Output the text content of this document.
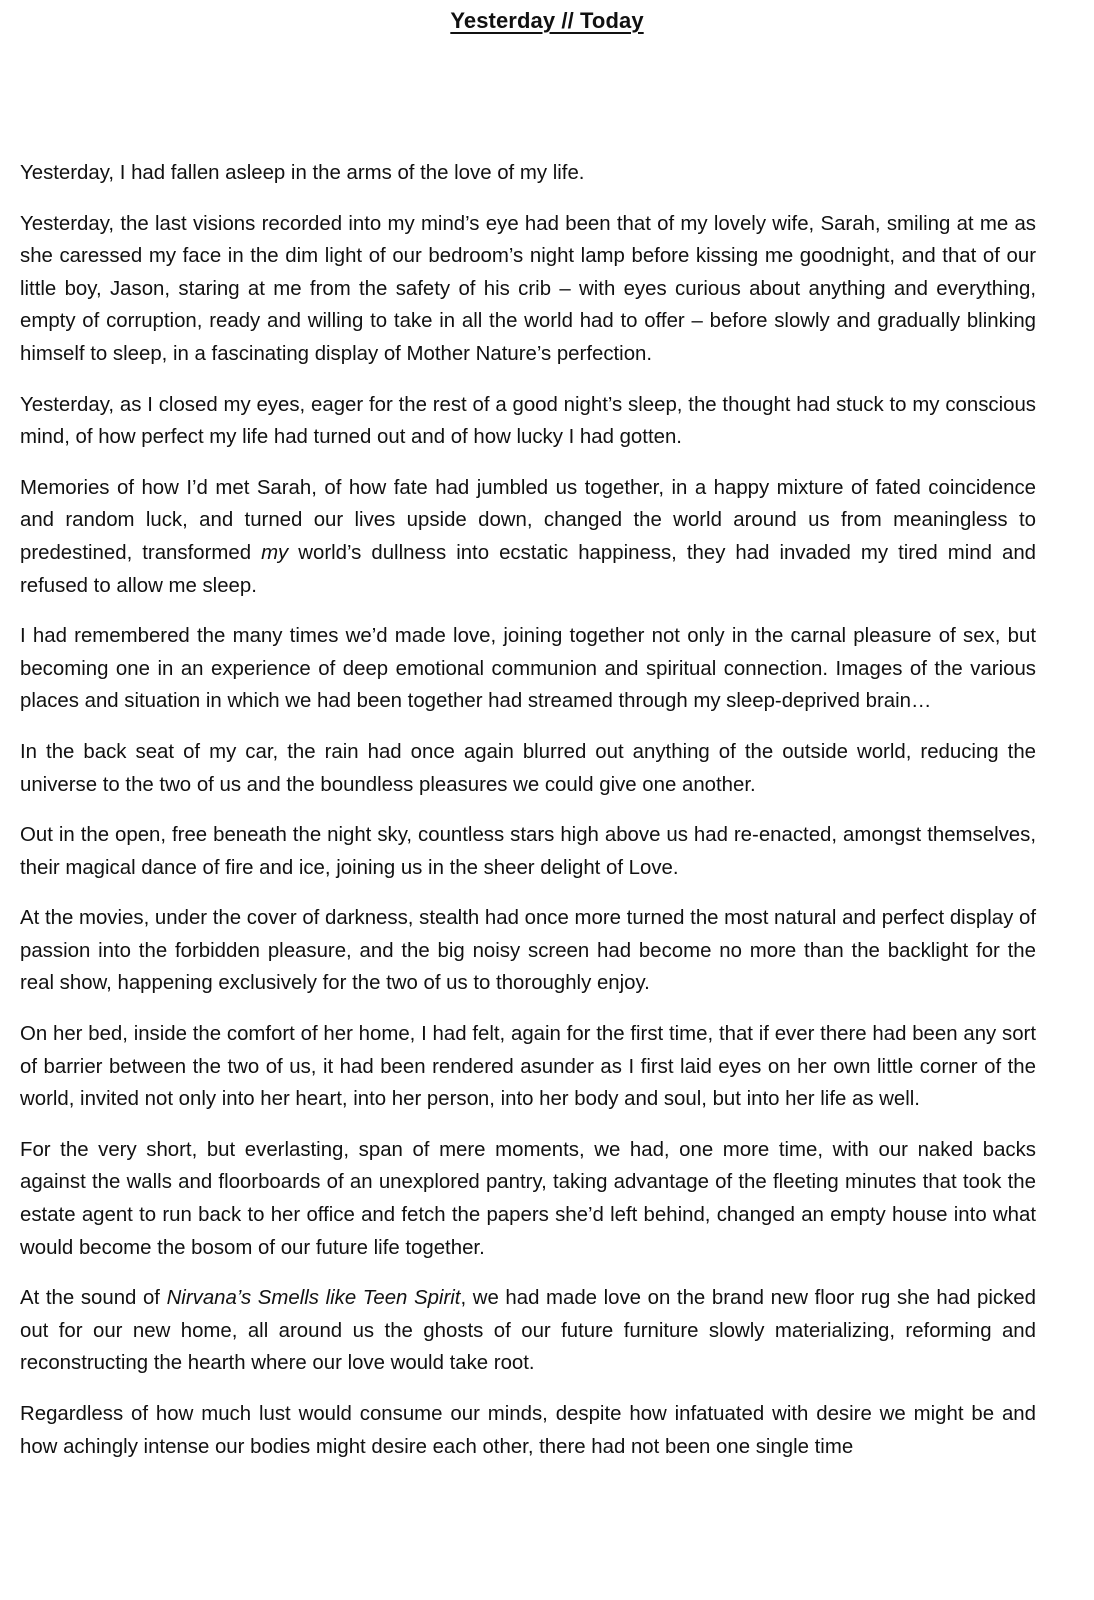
Yesterday // Today

Yesterday, I had fallen asleep in the arms of the love of my life.

Yesterday, the last visions recorded into my mind’s eye had been that of my lovely wife, Sarah, smiling at me as she caressed my face in the dim light of our bedroom’s night lamp before kissing me goodnight, and that of our little boy, Jason, staring at me from the safety of his crib – with eyes curious about anything and everything, empty of corruption, ready and willing to take in all the world had to offer – before slowly and gradually blinking himself to sleep, in a fascinating display of Mother Nature’s perfection.

Yesterday, as I closed my eyes, eager for the rest of a good night’s sleep, the thought had stuck to my conscious mind, of how perfect my life had turned out and of how lucky I had gotten.

Memories of how I’d met Sarah, of how fate had jumbled us together, in a happy mixture of fated coincidence and random luck, and turned our lives upside down, changed the world around us from meaningless to predestined, transformed my world’s dullness into ecstatic happiness, they had invaded my tired mind and refused to allow me sleep.

I had remembered the many times we’d made love, joining together not only in the carnal pleasure of sex, but becoming one in an experience of deep emotional communion and spiritual connection. Images of the various places and situation in which we had been together had streamed through my sleep-deprived brain…

In the back seat of my car, the rain had once again blurred out anything of the outside world, reducing the universe to the two of us and the boundless pleasures we could give one another.

Out in the open, free beneath the night sky, countless stars high above us had re-enacted, amongst themselves, their magical dance of fire and ice, joining us in the sheer delight of Love.

At the movies, under the cover of darkness, stealth had once more turned the most natural and perfect display of passion into the forbidden pleasure, and the big noisy screen had become no more than the backlight for the real show, happening exclusively for the two of us to thoroughly enjoy.

On her bed, inside the comfort of her home, I had felt, again for the first time, that if ever there had been any sort of barrier between the two of us, it had been rendered asunder as I first laid eyes on her own little corner of the world, invited not only into her heart, into her person, into her body and soul, but into her life as well.

For the very short, but everlasting, span of mere moments, we had, one more time, with our naked backs against the walls and floorboards of an unexplored pantry, taking advantage of the fleeting minutes that took the estate agent to run back to her office and fetch the papers she’d left behind, changed an empty house into what would become the bosom of our future life together.

At the sound of Nirvana’s Smells like Teen Spirit, we had made love on the brand new floor rug she had picked out for our new home, all around us the ghosts of our future furniture slowly materializing, reforming and reconstructing the hearth where our love would take root.

Regardless of how much lust would consume our minds, despite how infatuated with desire we might be and how achingly intense our bodies might desire each other, there had not been one single time
